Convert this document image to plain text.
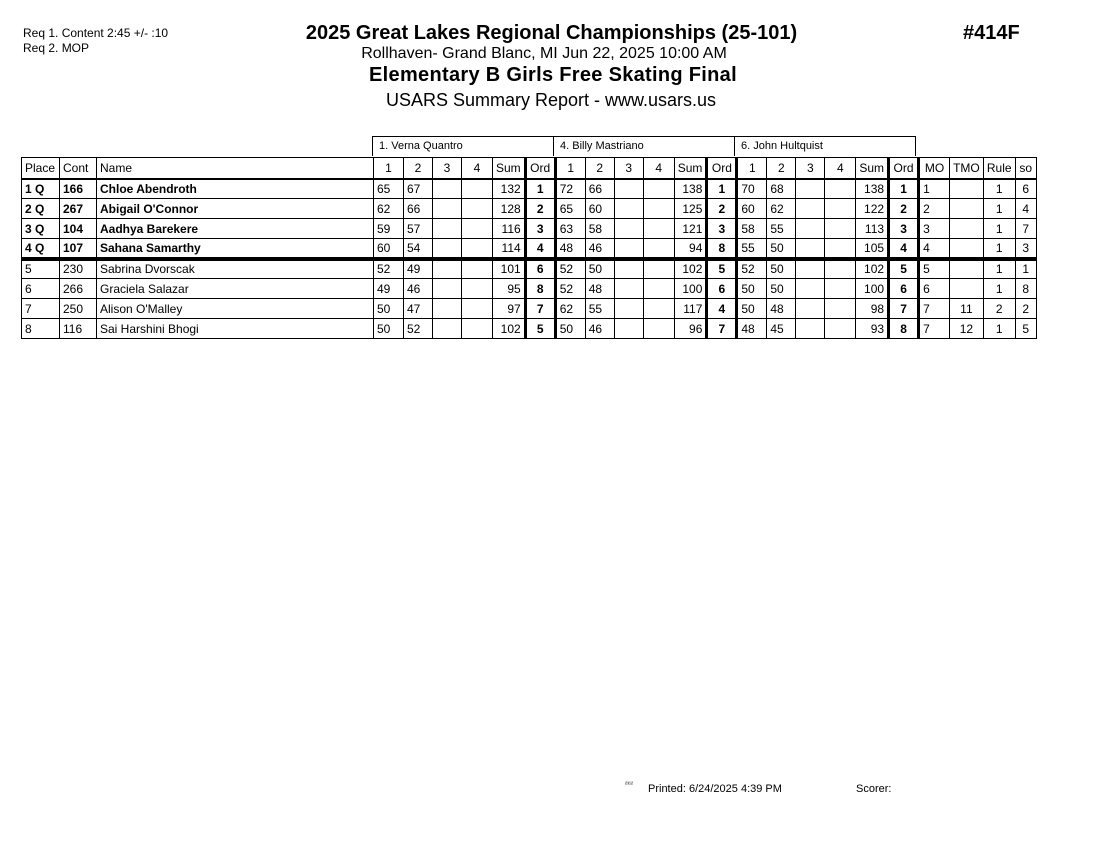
Req 1. Content 2:45 +/- :10
Req 2. MOP
2025 Great Lakes Regional Championships (25-101)
Rollhaven- Grand Blanc, MI Jun 22, 2025 10:00 AM
Elementary B Girls Free Skating Final
USARS Summary Report - www.usars.us
#414F
1. Verna Quantro	4. Billy Mastriano	6. John Hultquist
Place	Cont	Name	1	2	3	4	Sum	Ord	1	2	3	4	Sum	Ord	1	2	3	4	Sum	Ord	MO	TMO	Rule	so
1 Q	166	Chloe Abendroth	65	67			132	1	72	66			138	1	70	68			138	1	1		1	6
2 Q	267	Abigail O'Connor	62	66			128	2	65	60			125	2	60	62			122	2	2		1	4
3 Q	104	Aadhya Barekere	59	57			116	3	63	58			121	3	58	55			113	3	3		1	7
4 Q	107	Sahana Samarthy	60	54			114	4	48	46			94	8	55	50			105	4	4		1	3
5	230	Sabrina Dvorscak	52	49			101	6	52	50			102	5	52	50			102	5	5		1	1
6	266	Graciela Salazar	49	46			95	8	52	48			100	6	50	50			100	6	6		1	8
7	250	Alison O'Malley	50	47			97	7	62	55			117	4	50	48			98	7	7	11	2	2
8	116	Sai Harshini Bhogi	50	52			102	5	50	46			96	7	48	45			93	8	7	12	1	5
²³¹² Printed: 6/24/2025 4:39 PM	Scorer:
